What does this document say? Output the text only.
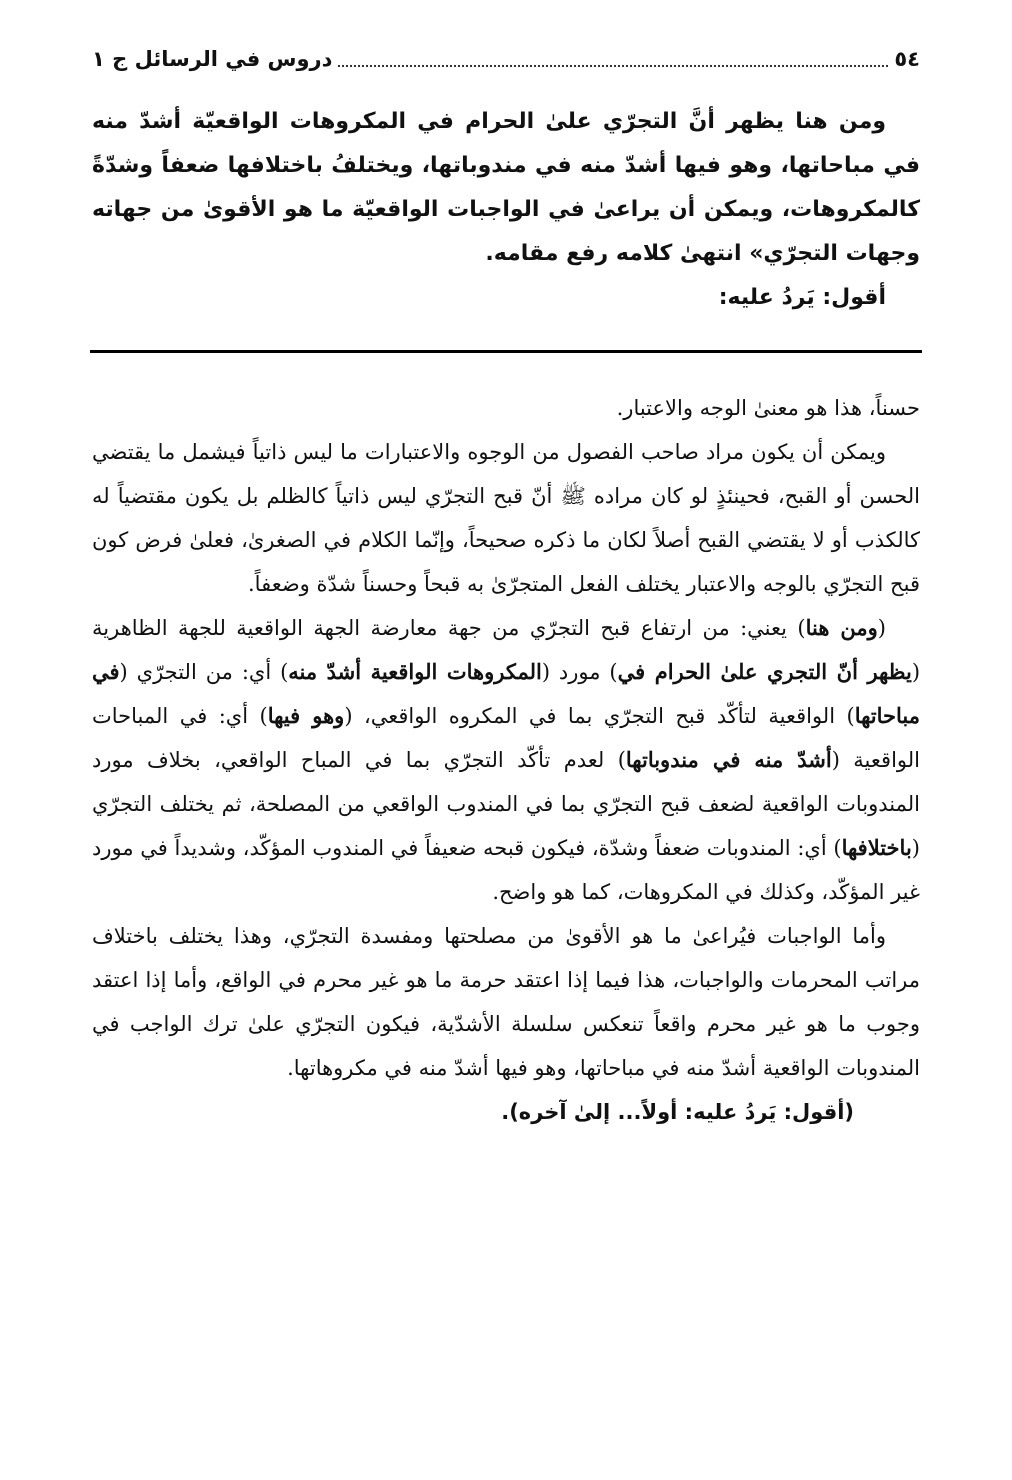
٥٤
دروس في الرسائل ج ١

ومن هنا يظهر أنَّ التجرّي علىٰ الحرام في المكروهات الواقعيّة أشدّ منه في مباحاتها، وهو فيها أشدّ منه في مندوباتها، ويختلفُ باختلافها ضعفاً وشدّةً كالمكروهات، ويمكن أن يراعىٰ في الواجبات الواقعيّة ما هو الأقوىٰ من جهاته وجهات التجرّي» انتهىٰ كلامه رفع مقامه.

أقول: يَردُ عليه:

حسناً، هذا هو معنىٰ الوجه والاعتبار.

ويمكن أن يكون مراد صاحب الفصول من الوجوه والاعتبارات ما ليس ذاتياً فيشمل ما يقتضي الحسن أو القبح، فحينئذٍ لو كان مراده ﷺ أنّ قبح التجرّي ليس ذاتياً كالظلم بل يكون مقتضياً له كالكذب أو لا يقتضي القبح أصلاً لكان ما ذكره صحيحاً، وإنّما الكلام في الصغرىٰ، فعلىٰ فرض كون قبح التجرّي بالوجه والاعتبار يختلف الفعل المتجرّىٰ به قبحاً وحسناً شدّة وضعفاً.

(ومن هنا) يعني: من ارتفاع قبح التجرّي من جهة معارضة الجهة الواقعية للجهة الظاهرية (يظهر أنّ التجري علىٰ الحرام في) مورد (المكروهات الواقعية أشدّ منه) أي: من التجرّي (في مباحاتها) الواقعية لتأكّد قبح التجرّي بما في المكروه الواقعي، (وهو فيها) أي: في المباحات الواقعية (أشدّ منه في مندوباتها) لعدم تأكّد التجرّي بما في المباح الواقعي، بخلاف مورد المندوبات الواقعية لضعف قبح التجرّي بما في المندوب الواقعي من المصلحة، ثم يختلف التجرّي (باختلافها) أي: المندوبات ضعفاً وشدّة، فيكون قبحه ضعيفاً في المندوب المؤكّد، وشديداً في مورد غير المؤكّد، وكذلك في المكروهات، كما هو واضح.

وأما الواجبات فيُراعىٰ ما هو الأقوىٰ من مصلحتها ومفسدة التجرّي، وهذا يختلف باختلاف مراتب المحرمات والواجبات، هذا فيما إذا اعتقد حرمة ما هو غير محرم في الواقع، وأما إذا اعتقد وجوب ما هو غير محرم واقعاً تنعكس سلسلة الأشدّية، فيكون التجرّي علىٰ ترك الواجب في المندوبات الواقعية أشدّ منه في مباحاتها، وهو فيها أشدّ منه في مكروهاتها.

(أقول: يَردُ عليه: أولاً... إلىٰ آخره).
